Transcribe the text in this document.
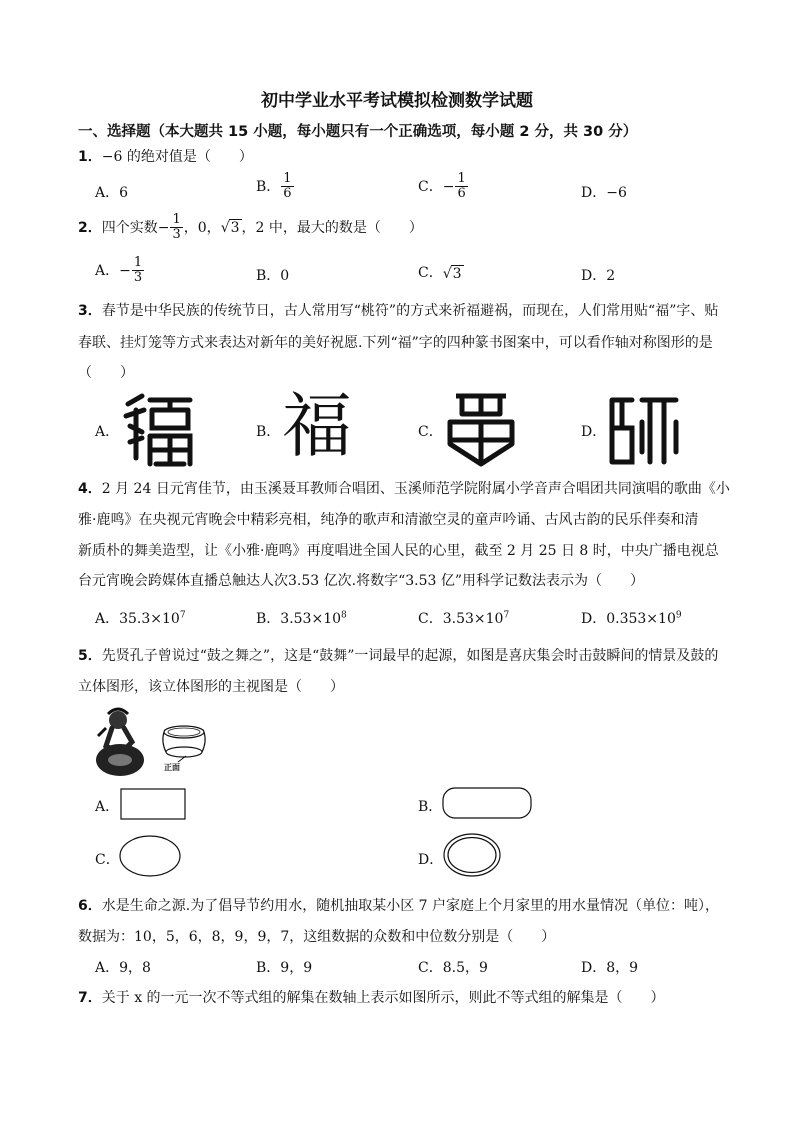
初中学业水平考试模拟检测数学试题
一、选择题（本大题共 15 小题，每小题只有一个正确选项，每小题 2 分，共 30 分）
1．−6 的绝对值是（　　）
A．6	B． $\frac{1}{6}$	C．− $\frac{1}{6}$	D．−6
2．四个实数− $\frac{1}{3}$ ，0， √ 3 ，2 中，最大的数是（　　）
A．− $\frac{1}{3}$	B．0	C． √ 3	D．2
3．春节是中华民族的传统节日，古人常用写“桃符”的方式来祈福避祸，而现在，人们常用贴“福”字、贴
春联、挂灯笼等方式来表达对新年的美好祝愿.下列“福”字的四种篆书图案中，可以看作轴对称图形的是
（　　）
A．	B． 福	C．	D．
4．2 月 24 日元宵佳节，由玉溪聂耳教师合唱团、玉溪师范学院附属小学音声合唱团共同演唱的歌曲《小
雅·鹿鸣》在央视元宵晚会中精彩亮相，纯净的歌声和清澈空灵的童声吟诵、古风古韵的民乐伴奏和清
新质朴的舞美造型，让《小雅·鹿鸣》再度唱进全国人民的心里，截至 2 月 25 日 8 时，中央广播电视总
台元宵晚会跨媒体直播总触达人次3.53 亿次.将数字“3.53 亿”用科学记数法表示为（　　）
A．$35.3\times 10^7$	B．$3.53\times 10^8$	C．$3.53\times 10^7$	D．$0.353\times 10^9$
5．先贤孔子曾说过“鼓之舞之”，这是“鼓舞”一词最早的起源，如图是喜庆集会时击鼓瞬间的情景及鼓的
立体图形，该立体图形的主视图是（　　）
正面
A．	B．
C．	D．
6．水是生命之源.为了倡导节约用水，随机抽取某小区 7 户家庭上个月家里的用水量情况（单位：吨），
数据为：10，5，6，8，9，9，7，这组数据的众数和中位数分别是（　　）
A．9，8	B．9，9	C．8.5，9	D．8，9
7．关于 x 的一元一次不等式组的解集在数轴上表示如图所示，则此不等式组的解集是（　　）
